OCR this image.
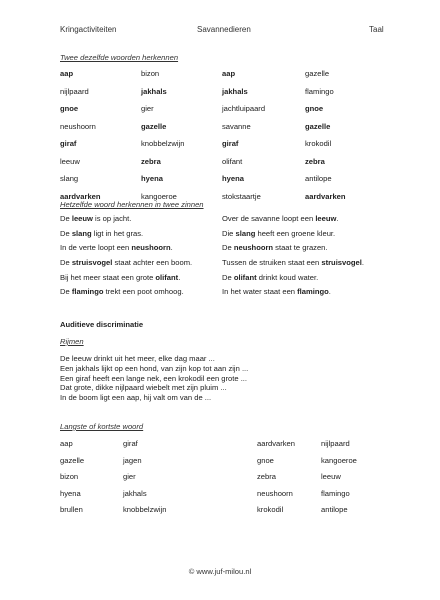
Kringactiviteiten	Savannedieren	Taal
Twee dezelfde woorden herkennen
aap
nijlpaard
gnoe
neushoorn
giraf
leeuw
slang
aardvarken
bizon
jakhals
gier
gazelle
knobbelzwijn
zebra
hyena
kangoeroe
aap
jakhals
jachtluipaard
savanne
giraf
olifant
hyena
stokstaartje
gazelle
flamingo
gnoe
gazelle
krokodil
zebra
antilope
aardvarken
Hetzelfde woord herkennen in twee zinnen
De leeuw is op jacht.
De slang ligt in het gras.
In de verte loopt een neushoorn.
De struisvogel staat achter een boom.
Bij het meer staat een grote olifant.
De flamingo trekt een poot omhoog.
Over de savanne loopt een leeuw.
Die slang heeft een groene kleur.
De neushoorn staat te grazen.
Tussen de struiken staat een struisvogel.
De olifant drinkt koud water.
In het water staat een flamingo.
Auditieve discriminatie
Rijmen
De leeuw drinkt uit het meer, elke dag maar ...
Een jakhals lijkt op een hond, van zijn kop tot aan zijn ...
Een giraf heeft een lange nek, een krokodil een grote ...
Dat grote, dikke nijlpaard wiebelt met zijn pluim ...
In de boom ligt een aap, hij valt om van de ...
Langste of kortste woord
aap
gazelle
bizon
hyena
brullen
giraf
jagen
gier
jakhals
knobbelzwijn
aardvarken
gnoe
zebra
neushoorn
krokodil
nijlpaard
kangoeroe
leeuw
flamingo
antilope
© www.juf-milou.nl
